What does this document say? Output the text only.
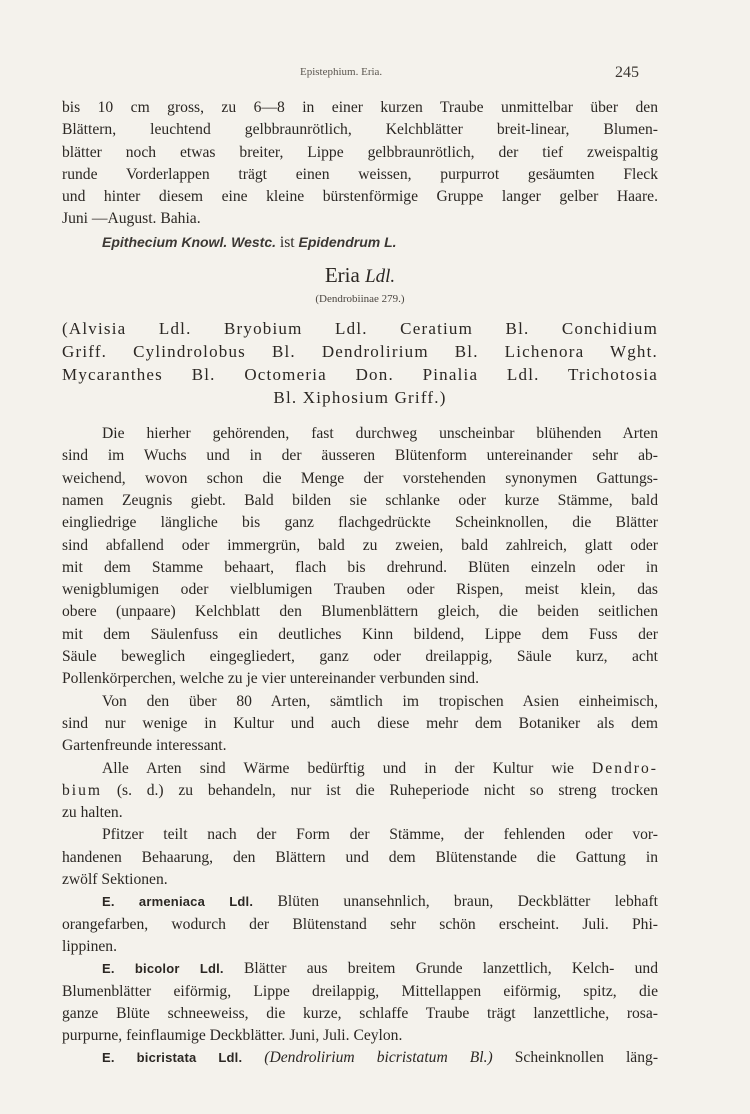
Epistephium. Eria.	245
bis 10 cm gross, zu 6—8 in einer kurzen Traube unmittelbar über den
Blättern, leuchtend gelbbraunrötlich, Kelchblätter breit-linear, Blumen-
blätter noch etwas breiter, Lippe gelbbraunrötlich, der tief zweispaltig
runde Vorderlappen trägt einen weissen, purpurrot gesäumten Fleck
und hinter diesem eine kleine bürstenförmige Gruppe langer gelber Haare.
Juni —August. Bahia.
Epithecium Knowl. Westc. ist Epidendrum L.
Eria Ldl.
(Dendrobiinae 279.)
(Alvisia Ldl. Bryobium Ldl. Ceratium Bl. Conchidium
Griff. Cylindrolobus Bl. Dendrolirium Bl. Lichenora Wght.
Mycaranthes Bl. Octomeria Don. Pinalia Ldl. Trichotosia
Bl. Xiphosium Griff.)
Die hierher gehörenden, fast durchweg unscheinbar blühenden Arten
sind im Wuchs und in der äusseren Blütenform untereinander sehr ab-
weichend, wovon schon die Menge der vorstehenden synonymen Gattungs-
namen Zeugnis giebt. Bald bilden sie schlanke oder kurze Stämme, bald
eingliedrige längliche bis ganz flachgedrückte Scheinknollen, die Blätter
sind abfallend oder immergrün, bald zu zweien, bald zahlreich, glatt oder
mit dem Stamme behaart, flach bis drehrund. Blüten einzeln oder in
wenigblumigen oder vielblumigen Trauben oder Rispen, meist klein, das
obere (unpaare) Kelchblatt den Blumenblättern gleich, die beiden seitlichen
mit dem Säulenfuss ein deutliches Kinn bildend, Lippe dem Fuss der
Säule beweglich eingegliedert, ganz oder dreilappig, Säule kurz, acht
Pollenkörperchen, welche zu je vier untereinander verbunden sind.
Von den über 80 Arten, sämtlich im tropischen Asien einheimisch,
sind nur wenige in Kultur und auch diese mehr dem Botaniker als dem
Gartenfreunde interessant.
Alle Arten sind Wärme bedürftig und in der Kultur wie Dendro-
bium (s. d.) zu behandeln, nur ist die Ruheperiode nicht so streng trocken
zu halten.
Pfitzer teilt nach der Form der Stämme, der fehlenden oder vor-
handenen Behaarung, den Blättern und dem Blütenstande die Gattung in
zwölf Sektionen.
E. armeniaca Ldl. Blüten unansehnlich, braun, Deckblätter lebhaft
orangefarben, wodurch der Blütenstand sehr schön erscheint. Juli. Phi-
lippinen.
E. bicolor Ldl. Blätter aus breitem Grunde lanzettlich, Kelch- und
Blumenblätter eiförmig, Lippe dreilappig, Mittellappen eiförmig, spitz, die
ganze Blüte schneeweiss, die kurze, schlaffe Traube trägt lanzettliche, rosa-
purpurne, feinflaumige Deckblätter. Juni, Juli. Ceylon.
E. bicristata Ldl. (Dendrolirium bicristatum Bl.) Scheinknollen läng-
